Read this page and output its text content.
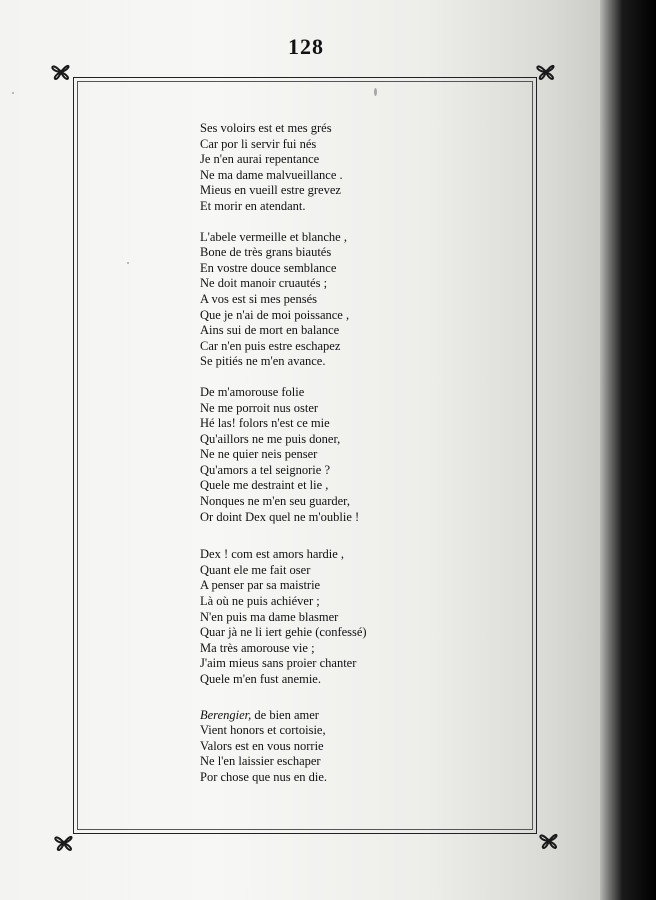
128
Ses voloirs est et mes grés
Car por li servir fui nés
Je n'en aurai repentance
Ne ma dame malvueillance .
Mieus en vueill estre grevez
Et morir en atendant.
L'abele vermeille et blanche ,
Bone de très grans biautés
En vostre douce semblance
Ne doit manoir cruautés ;
A vos est si mes pensés
Que je n'ai de moi poissance ,
Ains sui de mort en balance
Car n'en puis estre eschapez
Se pitiés ne m'en avance.
De m'amorouse folie
Ne me porroit nus oster
Hé las! folors n'est ce mie
Qu'aillors ne me puis doner,
Ne ne quier neis penser
Qu'amors a tel seignorie ?
Quele me destraint et lie ,
Nonques ne m'en seu guarder,
Or doint Dex quel ne m'oublie !
Dex ! com est amors hardie ,
Quant ele me fait oser
A penser par sa maistrie
Là où ne puis achiéver ;
N'en puis ma dame blasmer
Quar jà ne li iert gehie (confessé)
Ma très amorouse vie ;
J'aim mieus sans proier chanter
Quele m'en fust anemie.
Berengier, de bien amer
Vient honors et cortoisie,
Valors est en vous norrie
Ne l'en laissier eschaper
Por chose que nus en die.
